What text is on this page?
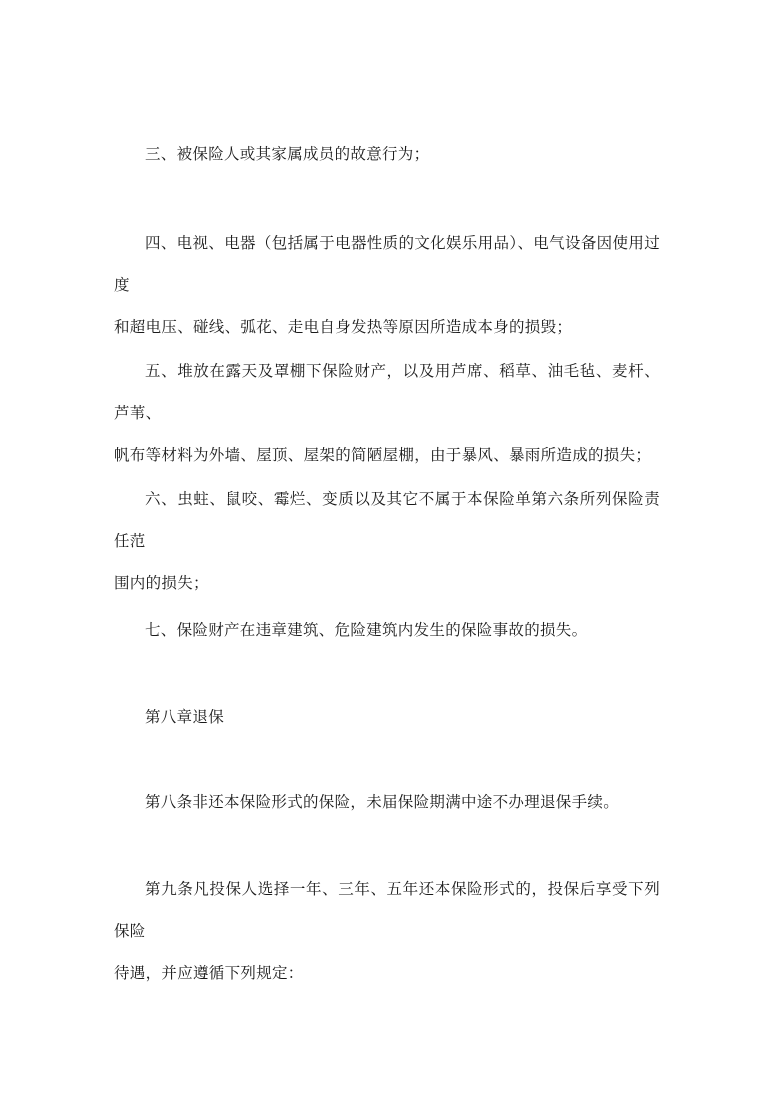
三、被保险人或其家属成员的故意行为；

四、电视、电器（包括属于电器性质的文化娱乐用品）、电气设备因使用过度
和超电压、碰线、弧花、走电自身发热等原因所造成本身的损毁；

五、堆放在露天及罩棚下保险财产，以及用芦席、稻草、油毛毡、麦杆、芦苇、
帆布等材料为外墙、屋顶、屋架的简陋屋棚，由于暴风、暴雨所造成的损失；

六、虫蛀、鼠咬、霉烂、变质以及其它不属于本保险单第六条所列保险责任范
围内的损失；

七、保险财产在违章建筑、危险建筑内发生的保险事故的损失。

第八章退保

第八条非还本保险形式的保险，未届保险期满中途不办理退保手续。

第九条凡投保人选择一年、三年、五年还本保险形式的，投保后享受下列保险
待遇，并应遵循下列规定：
